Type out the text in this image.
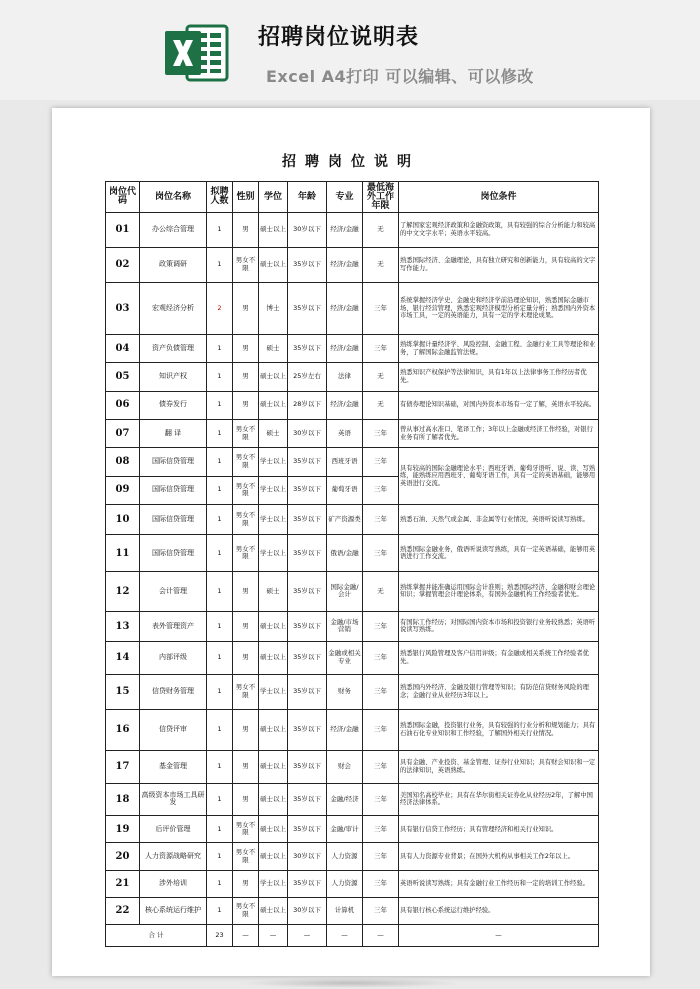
招聘岗位说明表
Excel A4打印 可以编辑、可以修改
招聘岗位说明
岗位代码	岗位名称	拟聘人数	性别	学位	年龄	专业	最低海外工作年限	岗位条件
01	办公综合管理	1	男	硕士以上	30岁以下	经济/金融	无	了解国家宏观经济政策和金融资政策，具有较强的综合分析能力和较高的中文文字水平；英语水平较高。
02	政策调研	1	男女不限	硕士以上	35岁以下	经济/金融	无	熟悉国际经济、金融理论，具有独立研究和创新能力，具有较高的文字写作能力。
03	宏观经济分析	2	男	博士	35岁以下	经济/金融	三年	系统掌握经济学史、金融史和经济学前沿理论知识，熟悉国际金融市场、银行经营管理，熟悉宏观经济模型分析定量分析；熟悉国内外资本市场工具，一定的英语能力，具有一定的学术理论成果。
04	资产负债管理	1	男	硕士	35岁以下	经济/金融	三年	熟练掌握计量经济学、风险控制、金融工程、金融行业工具等理论和业务，了解国际金融监管法规。
05	知识产权	1	男	硕士以上	25岁左右	法律	无	熟悉知识产权保护等法律知识，具有1年以上法律事务工作经历者优先。
06	债券发行	1	男	硕士以上	28岁以下	经济/金融	无	有债券理论知识基础，对国内外资本市场有一定了解，英语水平较高。
07	翻 译	1	男女不限	硕士	30岁以下	英语	三年	曾从事过高水准口、笔译工作；3年以上金融或经济工作经验，对银行业务有所了解者优先。
08	国际信贷管理	1	男女不限	学士以上	35岁以下	西班牙语	三年	具有较高的国际金融理论水平；西班牙语、葡萄牙语听、说、读、写熟练，能熟练应用西班牙、葡萄牙语工作，具有一定的英语基础，能够用英语进行交流。
09	国际信贷管理	1	男女不限	学士以上	35岁以下	葡萄牙语	三年	
10	国际信贷管理	1	男女不限	学士以上	35岁以下	矿产资源类	三年	熟悉石油、天然气或金属、非金属等行业情况，英语听说读写熟练。
11	国际信贷管理	1	男女不限	学士以上	35岁以下	俄语/金融	三年	熟悉国际金融业务，俄语听说读写熟练，具有一定英语基础，能够用英语进行工作交流。
12	会计管理	1	男	硕士	35岁以下	国际金融/会计	无	熟练掌握并能准确运用国际会计准则；熟悉国际经济、金融和财会理论知识；掌握管理会计理论体系，有国外金融机构工作经验者优先。
13	表外管理资产	1	男	硕士以上	35岁以下	金融/市场营销	三年	有国际工作经历；对国际国内资本市场和投资银行业务较熟悉；英语听说读写熟练。
14	内部评级	1	男	硕士以上	35岁以下	金融或相关专业	三年	熟悉银行风险管理及客户信用评级；有金融或相关系统工作经验者优先。
15	信贷财务管理	1	男女不限	学士以上	35岁以下	财务	三年	熟悉国内外经济、金融及银行管理等知识；有防范信贷财务风险的理念；金融行业从业经历3年以上。
16	信贷评审	1	男	硕士以上	35岁以下	经济/金融	三年	熟悉国际金融，投资银行业务，具有较强的行业分析和规划能力；具有石油石化专业知识和工作经验，了解国外相关行业情况。
17	基金管理	1	男	硕士以上	35岁以下	财会	三年	具有金融、产业投资、基金管理、证券行业知识；具有财会知识和一定的法律知识，英语熟练。
18	高级资本市场工具研发	1	男	硕士以上	35岁以下	金融/经济	三年	美国知名高校毕业；具有在华尔街相关证券化从业经历2年，了解中国经济法律体系。
19	后评价管理	1	男女不限	硕士以上	35岁以下	金融/审计	三年	具有银行信贷工作经历；具有管理经济和相关行业知识。
20	人力资源战略研究	1	男女不限	硕士以上	30岁以下	人力资源	三年	具有人力资源专业背景；在国外大机构从事相关工作2年以上。
21	涉外培训	1	男	学士以上	35岁以下	人力资源	三年	英语听说读写熟练；具有金融行业工作经历和一定的培训工作经验。
22	核心系统运行维护	1	男女不限	硕士以上	30岁以下	计算机	三年	具有银行核心系统运行维护经验。
合 计		23	—	—	—	—	—	—
